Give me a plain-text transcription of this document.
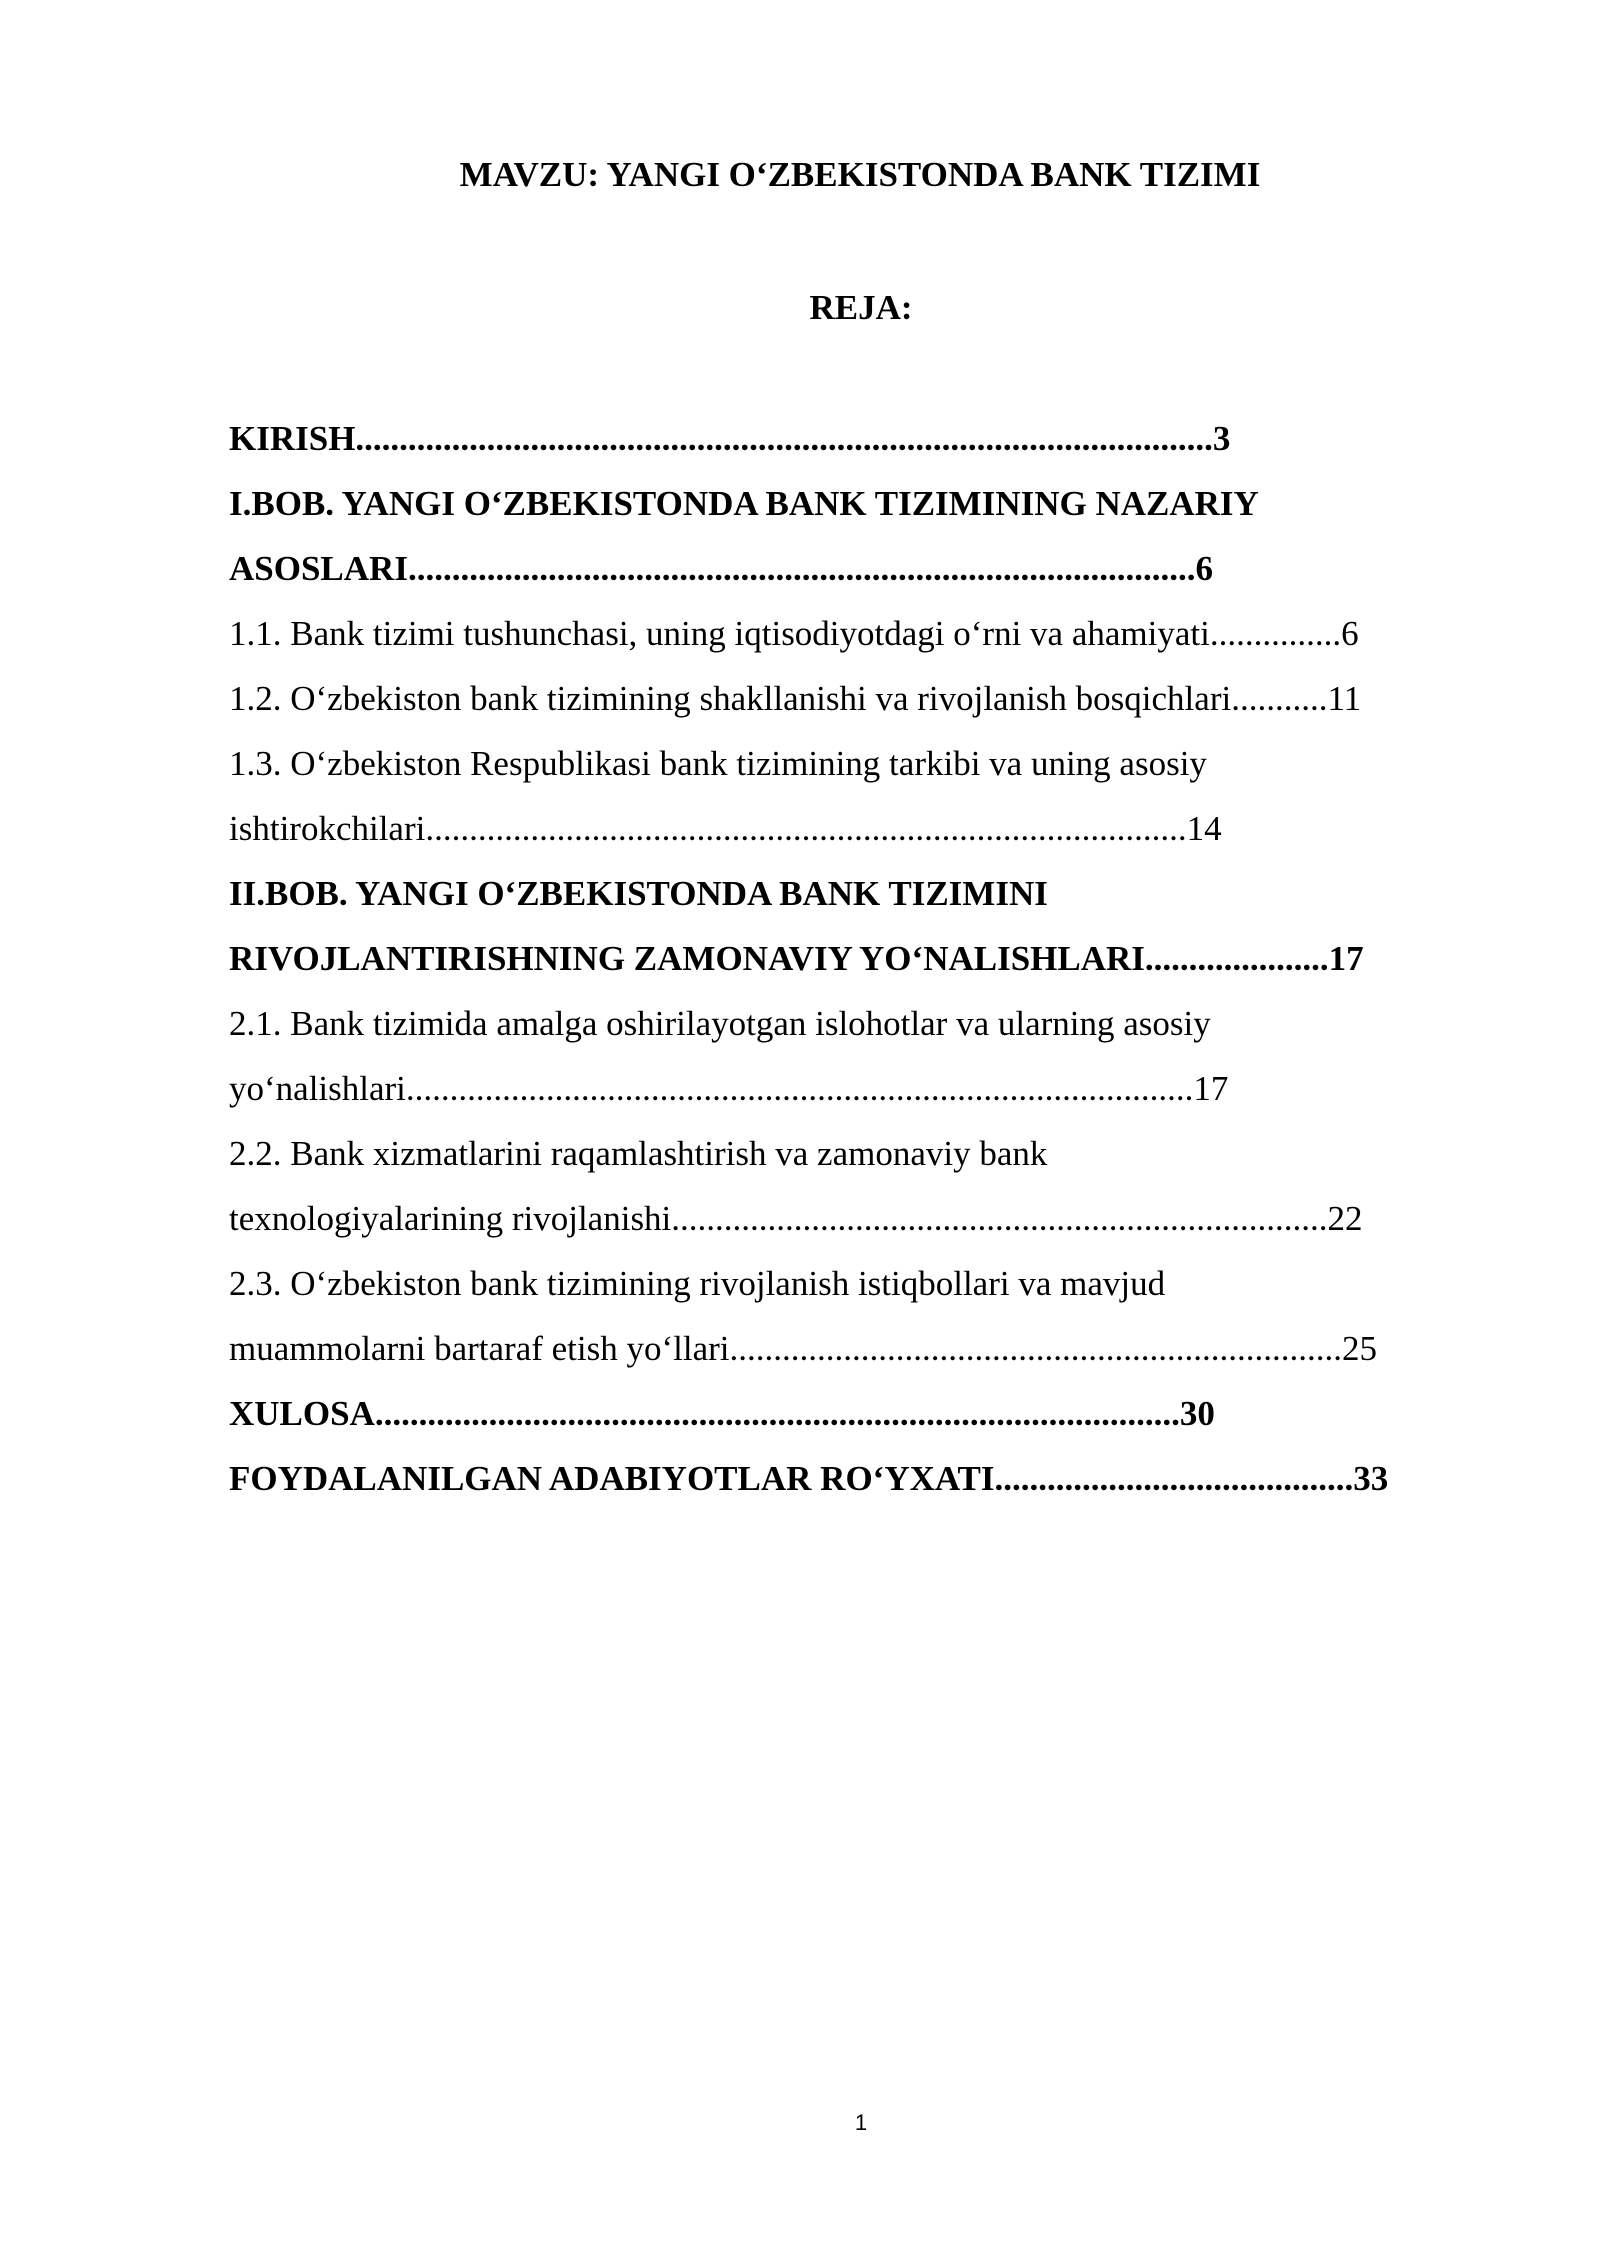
MAVZU: YANGI O‘ZBEKISTONDA BANK TIZIMI
REJA:
KIRISH..................................................................................................3
I.BOB. YANGI O‘ZBEKISTONDA BANK TIZIMINING NAZARIY
ASOSLARI..........................................................................................6
1.1. Bank tizimi tushunchasi, uning iqtisodiyotdagi o‘rni va ahamiyati...............6
1.2. O‘zbekiston bank tizimining shakllanishi va rivojlanish bosqichlari...........11
1.3. O‘zbekiston Respublikasi bank tizimining tarkibi va uning asosiy
ishtirokchilari.......................................................................................14
II.BOB. YANGI O‘ZBEKISTONDA BANK TIZIMINI
RIVOJLANTIRISHNING ZAMONAVIY YO‘NALISHLARI.....................17
2.1. Bank tizimida amalga oshirilayotgan islohotlar va ularning asosiy
yo‘nalishlari..........................................................................................17
2.2. Bank xizmatlarini raqamlashtirish va zamonaviy bank
texnologiyalarining rivojlanishi...........................................................................22
2.3. O‘zbekiston bank tizimining rivojlanish istiqbollari va mavjud
muammolarni bartaraf etish yo‘llari......................................................................25
XULOSA............................................................................................30
FOYDALANILGAN ADABIYOTLAR RO‘YXATI.........................................33
1
